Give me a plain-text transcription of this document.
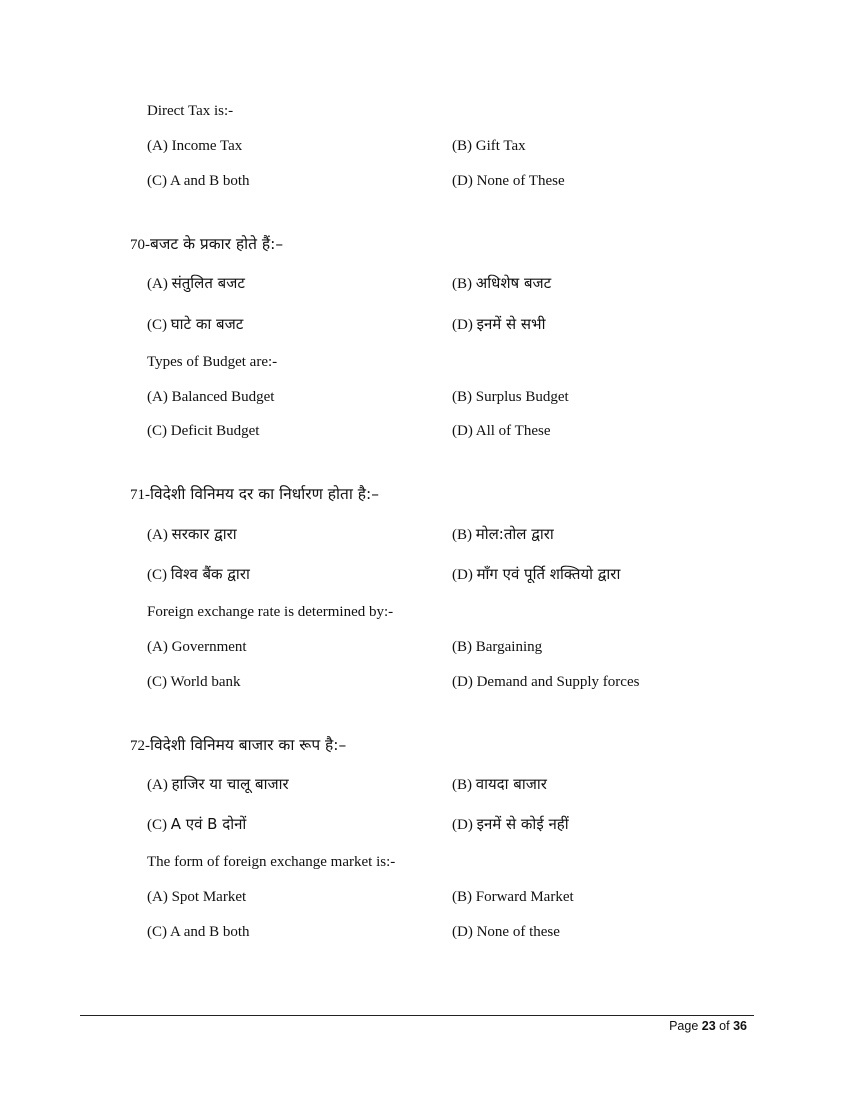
Direct Tax is:-
(A) Income Tax	(B) Gift Tax
(C) A and B both	(D) None of These
70-बजट के प्रकार होते हैं:–
(A) संतुलित बजट	(B) अधिशेष बजट
(C) घाटे का बजट	(D) इनमें से सभी
Types of Budget are:-
(A) Balanced Budget	(B) Surplus Budget
(C) Deficit Budget	(D) All of These
71-विदेशी विनिमय दर का निर्धारण होता है:–
(A) सरकार द्वारा	(B) मोल:तोल द्वारा
(C) विश्व बैंक द्वारा	(D) माँग एवं पूर्ति शक्तियो द्वारा
Foreign exchange rate is determined by:-
(A) Government	(B) Bargaining
(C) World bank	(D) Demand and Supply forces
72-विदेशी विनिमय बाजार का रूप है:–
(A) हाजिर या चालू बाजार	(B) वायदा बाजार
(C) A एवं B दोनों	(D) इनमें से कोई नहीं
The form of foreign exchange market is:-
(A) Spot Market	(B) Forward Market
(C) A and B both	(D) None of these
Page 23 of 36
